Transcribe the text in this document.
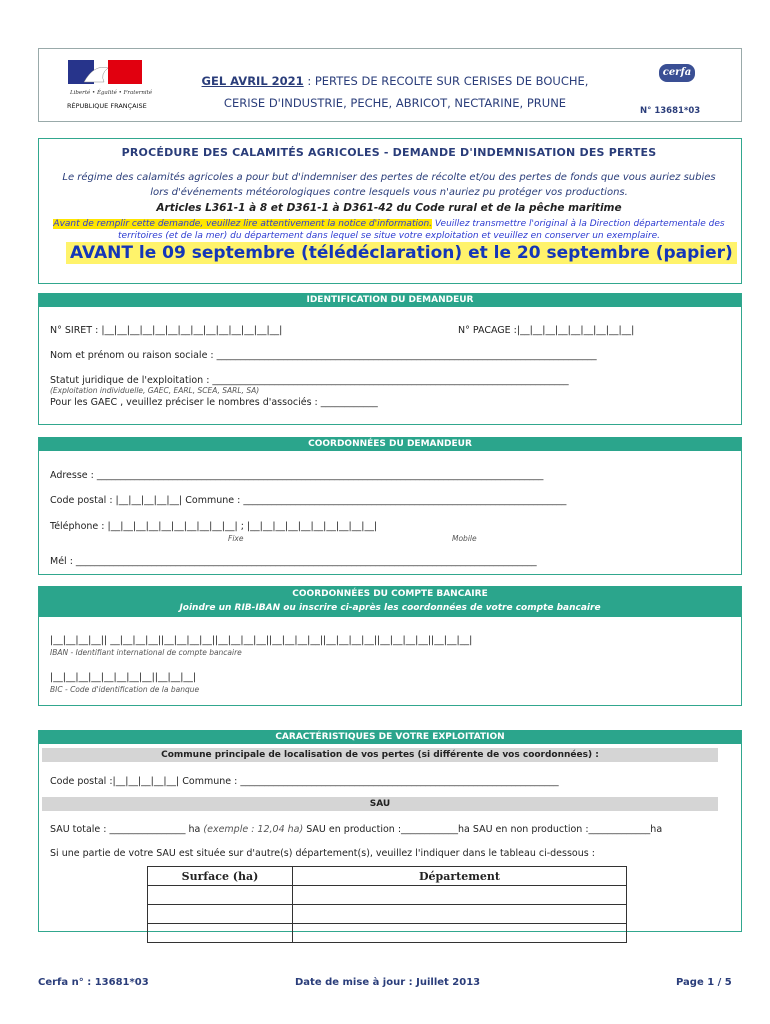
Liberté • Égalité • Fraternité
RÉPUBLIQUE FRANÇAISE
GEL AVRIL 2021 : PERTES DE RECOLTE SUR CERISES DE BOUCHE,
CERISE D'INDUSTRIE, PECHE, ABRICOT, NECTARINE, PRUNE
cerfa
N° 13681*03
PROCÉDURE DES CALAMITÉS AGRICOLES - DEMANDE D'INDEMNISATION DES PERTES
Le régime des calamités agricoles a pour but d'indemniser des pertes de récolte et/ou des pertes de fonds que vous auriez subies
lors d'événements météorologiques contre lesquels vous n'auriez pu protéger vos productions.
Articles L361-1 à 8 et D361-1 à D361-42 du Code rural et de la pêche maritime
Avant de remplir cette demande, veuillez lire attentivement la notice d'information. Veuillez transmettre l'original à la Direction départementale des territoires (et de la mer) du département dans lequel se situe votre exploitation et veuillez en conserver un exemplaire.
AVANT le 09 septembre (télédéclaration) et le 20 septembre (papier)
IDENTIFICATION DU DEMANDEUR
N° SIRET : |__|__|__|__|__|__|__|__|__|__|__|__|__|__|	N° PACAGE :|__|__|__|__|__|__|__|__|__|
Nom et prénom ou raison sociale : ________________________________________________________________________________
Statut juridique de l'exploitation : ___________________________________________________________________________
(Exploitation individuelle, GAEC, EARL, SCEA, SARL, SA)
Pour les GAEC , veuillez préciser le nombres d'associés : ____________
COORDONNÉES DU DEMANDEUR
Adresse : ______________________________________________________________________________________________
Code postal : |__|__|__|__|__| Commune : ____________________________________________________________________
Téléphone : |__|__|__|__|__|__|__|__|__|__| ; |__|__|__|__|__|__|__|__|__|__|
Fixe	Mobile
Mél : _________________________________________________________________________________________________
COORDONNÉES DU COMPTE BANCAIRE
Joindre un RIB-IBAN ou inscrire ci-après les coordonnées de votre compte bancaire
|__|__|__|__|| __|__|__|__||__|__|__|__||__|__|__|__||__|__|__|__||__|__|__|__||__|__|__|__||__|__|__|
IBAN - Identifiant international de compte bancaire
|__|__|__|__|__|__|__|__||__|__|__|
BIC - Code d'identification de la banque
CARACTÉRISTIQUES DE VOTRE EXPLOITATION
Commune principale de localisation de vos pertes (si différente de vos coordonnées) :
Code postal :|__|__|__|__|__| Commune : ___________________________________________________________________
SAU
SAU totale : ________________ ha (exemple : 12,04 ha) SAU en production :____________ha SAU en non production :_____________ha
Si une partie de votre SAU est située sur d'autre(s) département(s), veuillez l'indiquer dans le tableau ci-dessous :
Surface (ha)	Département

Cerfa n° : 13681*03	Date de mise à jour : Juillet 2013	Page 1 / 5
